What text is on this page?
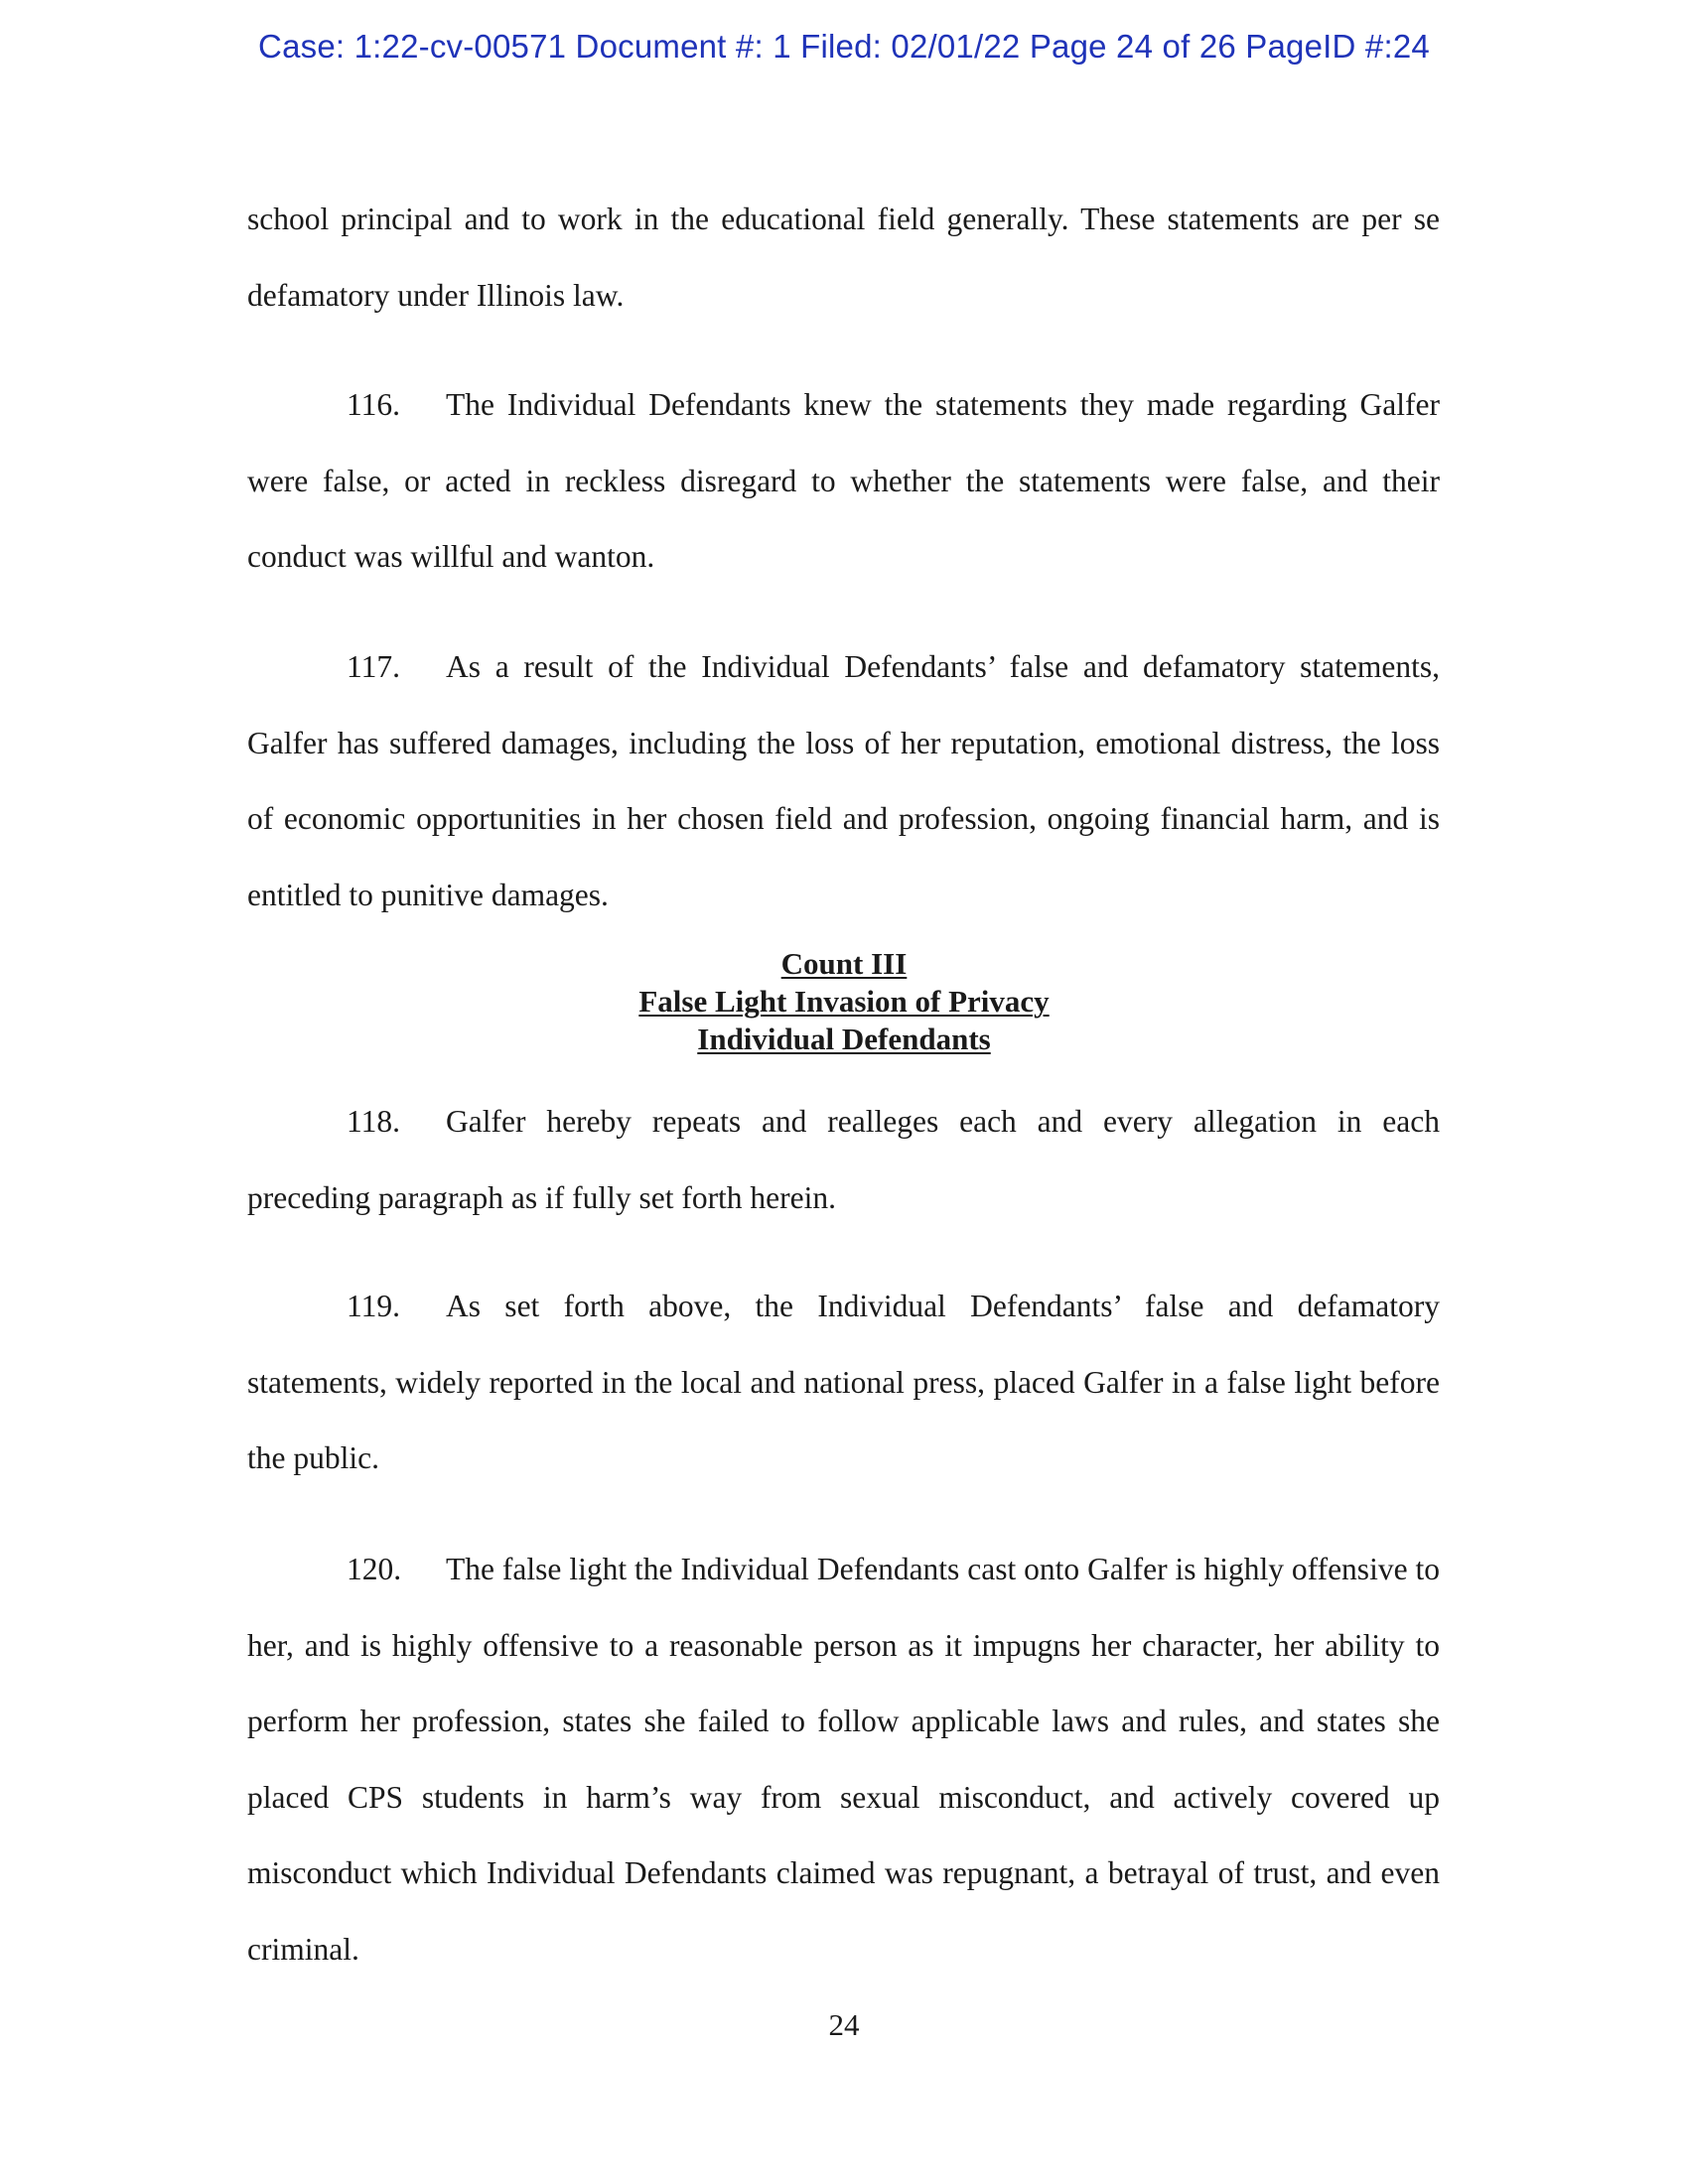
Case: 1:22-cv-00571 Document #: 1 Filed: 02/01/22 Page 24 of 26 PageID #:24
school principal and to work in the educational field generally. These statements are per se defamatory under Illinois law.
116. The Individual Defendants knew the statements they made regarding Galfer were false, or acted in reckless disregard to whether the statements were false, and their conduct was willful and wanton.
117. As a result of the Individual Defendants’ false and defamatory statements, Galfer has suffered damages, including the loss of her reputation, emotional distress, the loss of economic opportunities in her chosen field and profession, ongoing financial harm, and is entitled to punitive damages.
Count III
False Light Invasion of Privacy
Individual Defendants
118. Galfer hereby repeats and realleges each and every allegation in each preceding paragraph as if fully set forth herein.
119. As set forth above, the Individual Defendants’ false and defamatory statements, widely reported in the local and national press, placed Galfer in a false light before the public.
120. The false light the Individual Defendants cast onto Galfer is highly offensive to her, and is highly offensive to a reasonable person as it impugns her character, her ability to perform her profession, states she failed to follow applicable laws and rules, and states she placed CPS students in harm’s way from sexual misconduct, and actively covered up misconduct which Individual Defendants claimed was repugnant, a betrayal of trust, and even criminal.
24
